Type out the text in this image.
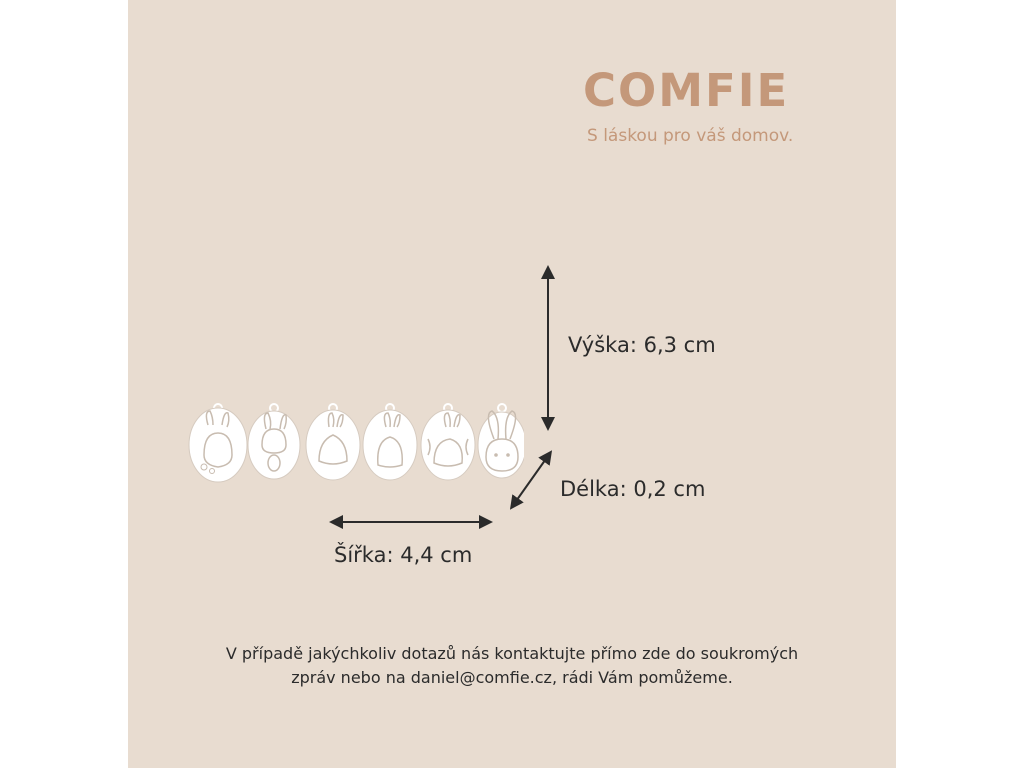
COMFIE
S láskou pro váš domov.
Výška: 6,3 cm
Délka: 0,2 cm
Šířka: 4,4 cm
V případě jakýchkoliv dotazů nás kontaktujte přímo zde do soukromých zpráv nebo na daniel@comfie.cz, rádi Vám pomůžeme.
